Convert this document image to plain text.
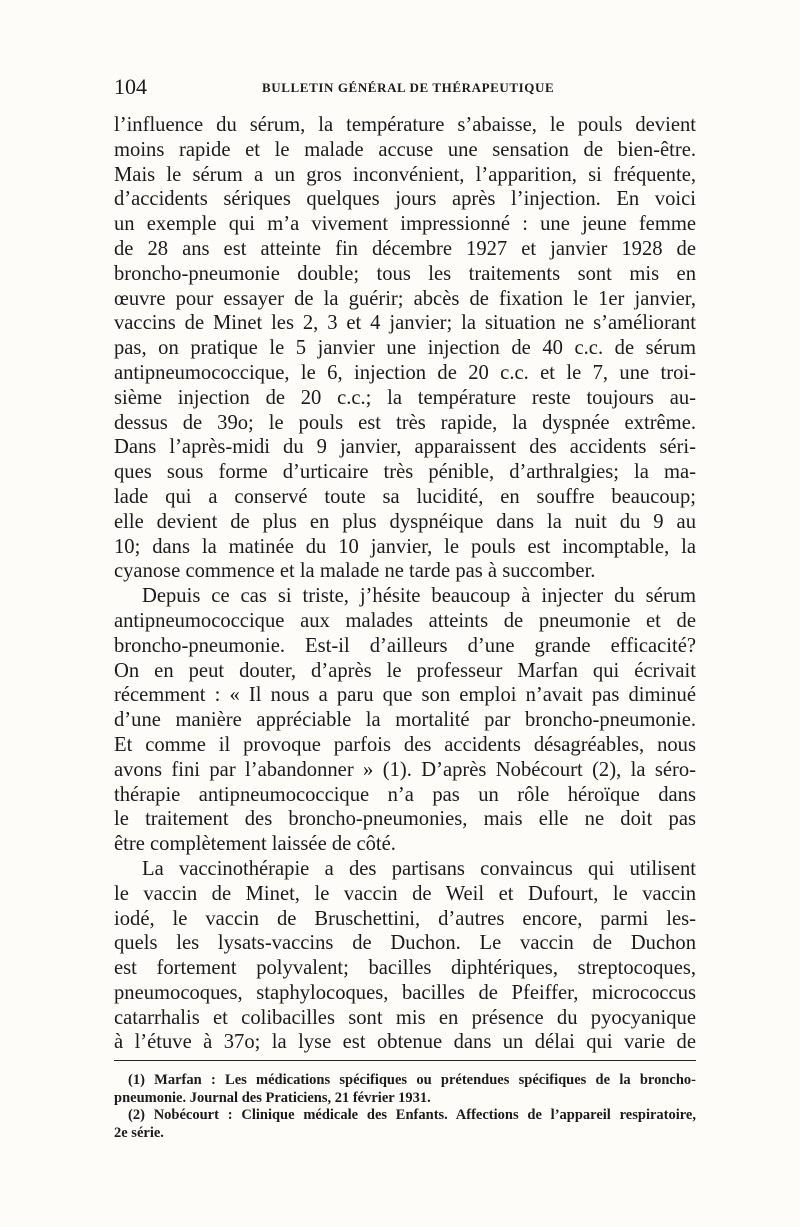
104	BULLETIN GÉNÉRAL DE THÉRAPEUTIQUE
l’influence du sérum, la température s’abaisse, le pouls devient
moins rapide et le malade accuse une sensation de bien-être.
Mais le sérum a un gros inconvénient, l’apparition, si fréquente,
d’accidents sériques quelques jours après l’injection. En voici
un exemple qui m’a vivement impressionné : une jeune femme
de 28 ans est atteinte fin décembre 1927 et janvier 1928 de
broncho-pneumonie double; tous les traitements sont mis en
œuvre pour essayer de la guérir; abcès de fixation le 1er janvier,
vaccins de Minet les 2, 3 et 4 janvier; la situation ne s’améliorant
pas, on pratique le 5 janvier une injection de 40 c.c. de sérum
antipneumococcique, le 6, injection de 20 c.c. et le 7, une troi-
sième injection de 20 c.c.; la température reste toujours au-
dessus de 39o; le pouls est très rapide, la dyspnée extrême.
Dans l’après-midi du 9 janvier, apparaissent des accidents séri-
ques sous forme d’urticaire très pénible, d’arthralgies; la ma-
lade qui a conservé toute sa lucidité, en souffre beaucoup;
elle devient de plus en plus dyspnéique dans la nuit du 9 au
10; dans la matinée du 10 janvier, le pouls est incomptable, la
cyanose commence et la malade ne tarde pas à succomber.
Depuis ce cas si triste, j’hésite beaucoup à injecter du sérum
antipneumococcique aux malades atteints de pneumonie et de
broncho-pneumonie. Est-il d’ailleurs d’une grande efficacité?
On en peut douter, d’après le professeur Marfan qui écrivait
récemment : « Il nous a paru que son emploi n’avait pas diminué
d’une manière appréciable la mortalité par broncho-pneumonie.
Et comme il provoque parfois des accidents désagréables, nous
avons fini par l’abandonner » (1). D’après Nobécourt (2), la séro-
thérapie antipneumococcique n’a pas un rôle héroïque dans
le traitement des broncho-pneumonies, mais elle ne doit pas
être complètement laissée de côté.
La vaccinothérapie a des partisans convaincus qui utilisent
le vaccin de Minet, le vaccin de Weil et Dufourt, le vaccin
iodé, le vaccin de Bruschettini, d’autres encore, parmi les-
quels les lysats-vaccins de Duchon. Le vaccin de Duchon
est fortement polyvalent; bacilles diphtériques, streptocoques,
pneumocoques, staphylocoques, bacilles de Pfeiffer, micrococcus
catarrhalis et colibacilles sont mis en présence du pyocyanique
à l’étuve à 37o; la lyse est obtenue dans un délai qui varie de
(1) Marfan : Les médications spécifiques ou prétendues spécifiques de la broncho-
pneumonie. Journal des Praticiens, 21 février 1931.
(2) Nobécourt : Clinique médicale des Enfants. Affections de l’appareil respiratoire,
2e série.
